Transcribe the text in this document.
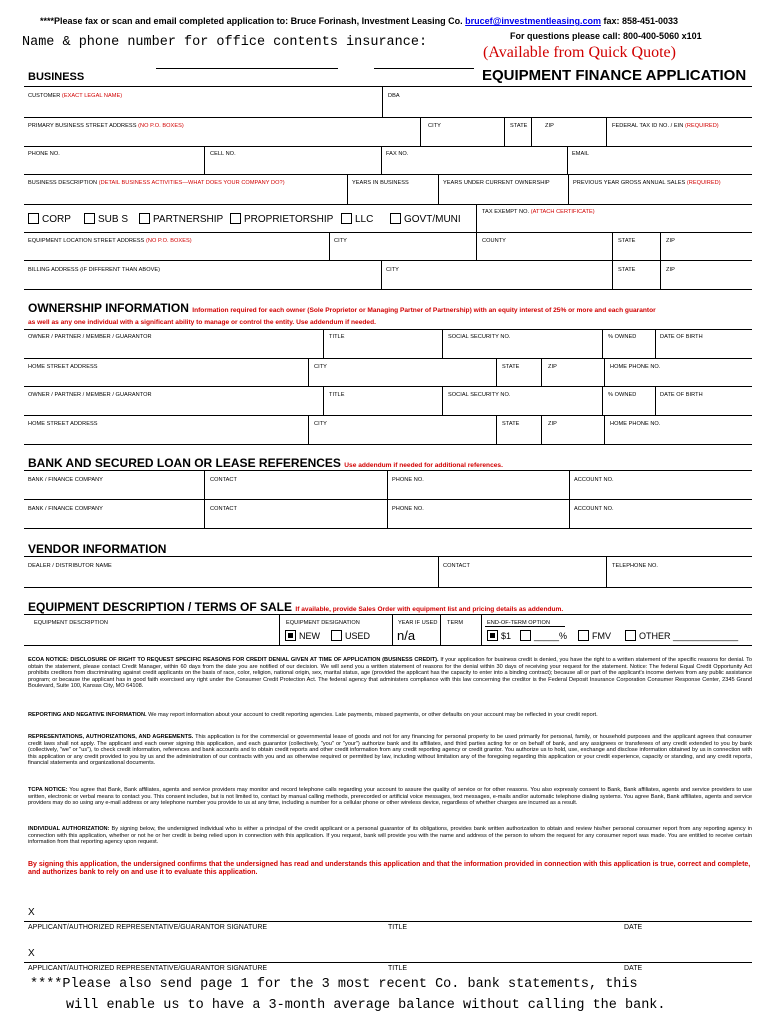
****Please fax or scan and email completed application to: Bruce Forinash, Investment Leasing Co. brucef@investmentleasing.com fax: 858-451-0033
Name & phone number for office contents insurance:	For questions please call: 800-400-5060 x101
(Available from Quick Quote)
BUSINESS	EQUIPMENT FINANCE APPLICATION
CUSTOMER (EXACT LEGAL NAME)	DBA
PRIMARY BUSINESS STREET ADDRESS (NO P.O. BOXES)	CITY	STATE	ZIP	FEDERAL TAX ID NO. / EIN (REQUIRED)
PHONE NO.	CELL NO.	FAX NO.	EMAIL
BUSINESS DESCRIPTION (DETAIL BUSINESS ACTIVITIES—WHAT DOES YOUR COMPANY DO?)	YEARS IN BUSINESS	YEARS UNDER CURRENT OWNERSHIP	PREVIOUS YEAR GROSS ANNUAL SALES (REQUIRED)
TAX EXEMPT NO. (ATTACH CERTIFICATE)
CORP	SUB S	PARTNERSHIP	PROPRIETORSHIP	LLC	GOVT/MUNI
EQUIPMENT LOCATION STREET ADDRESS (NO P.O. BOXES)	CITY	COUNTY	STATE	ZIP
BILLING ADDRESS (IF DIFFERENT THAN ABOVE)	CITY	STATE	ZIP
OWNERSHIP INFORMATION Information required for each owner (Sole Proprietor or Managing Partner of Partnership) with an equity interest of 25% or more and each guarantor
as well as any one individual with a significant ability to manage or control the entity. Use addendum if needed.
OWNER / PARTNER / MEMBER / GUARANTOR	TITLE	SOCIAL SECURITY NO.	% OWNED	DATE OF BIRTH
HOME STREET ADDRESS	CITY	STATE	ZIP	HOME PHONE NO.
OWNER / PARTNER / MEMBER / GUARANTOR	TITLE	SOCIAL SECURITY NO.	% OWNED	DATE OF BIRTH
HOME STREET ADDRESS	CITY	STATE	ZIP	HOME PHONE NO.
BANK AND SECURED LOAN OR LEASE REFERENCES Use addendum if needed for additional references.
BANK / FINANCE COMPANY	CONTACT	PHONE NO.	ACCOUNT NO.
BANK / FINANCE COMPANY	CONTACT	PHONE NO.	ACCOUNT NO.
VENDOR INFORMATION
DEALER / DISTRIBUTOR NAME	CONTACT	TELEPHONE NO.
EQUIPMENT DESCRIPTION / TERMS OF SALE If available, provide Sales Order with equipment list and pricing details as addendum.
EQUIPMENT DESCRIPTION	EQUIPMENT DESIGNATION	YEAR IF USED TERM	END-OF-TERM OPTION
NEW	USED n/a	$1	_____%	FMV	OTHER _____________
ECOA NOTICE: DISCLOSURE OF RIGHT TO REQUEST SPECIFIC REASONS FOR CREDIT DENIAL GIVEN AT TIME OF APPLICATION (BUSINESS CREDIT). If your application for business credit is denied, you have the right to a written statement of the specific reasons for denial. To obtain the statement, please contact Credit Manager, within 60 days from the date you are notified of our decision. We will send you a written statement of reasons for the denial within 30 days of receiving your request for the statement. Notice: The federal Equal Credit Opportunity Act prohibits creditors from discriminating against credit applicants on the basis of race, color, religion, national origin, sex, marital status, age (provided the applicant has the capacity to enter into a binding contract); because all or part of the applicant's income derives from any public assistance program; or because the applicant has in good faith exercised any right under the Consumer Credit Protection Act. The federal agency that administers compliance with this law concerning the creditor is the Federal Deposit Insurance Corporation Consumer Response Center, 2345 Grand Boulevard, Suite 100, Kansas City, MO 64108.
REPORTING AND NEGATIVE INFORMATION. We may report information about your account to credit reporting agencies. Late payments, missed payments, or other defaults on your account may be reflected in your credit report.
REPRESENTATIONS, AUTHORIZATIONS, AND AGREEMENTS. This application is for the commercial or governmental lease of goods and not for any financing for personal property to be used primarily for personal, family, or household purposes and the applicant agrees that consumer credit laws shall not apply. The applicant and each owner signing this application, and each guarantor (collectively, "you" or "your") authorize bank and its affiliates, and third parties acting for or on behalf of bank, and any assignees or transferees of any credit extended to you by bank (collectively, "we" or "us"), to check credit information, references and bank accounts and to obtain credit reports and other credit information from any credit reporting agency or credit grantor. You authorize us to hold, use, exchange and disclose information obtained by us in connection with this application or any credit provided to you by us and the administration of our contracts with you and as otherwise required or permitted by law, including without limitation any of the foregoing regarding this application or your credit experience, capacity or standing, and any credit reports, financial statements and organizational documents.
TCPA NOTICE: You agree that Bank, Bank affiliates, agents and service providers may monitor and record telephone calls regarding your account to assure the quality of service or for other reasons. You also expressly consent to Bank, Bank affiliates, agents and service providers to use written, electronic or verbal means to contact you. This consent includes, but is not limited to, contact by manual calling methods, prerecorded or artificial voice messages, text messages, e-mails and/or automatic telephone dialing systems. You agree Bank, Bank affiliates, agents and service providers may do so using any e-mail address or any telephone number you provide to us at any time, including a number for a cellular phone or other wireless device, regardless of whether charges are incurred as a result.
INDIVIDUAL AUTHORIZATION: By signing below, the undersigned individual who is either a principal of the credit applicant or a personal guarantor of its obligations, provides bank written authorization to obtain and review his/her personal consumer report from any reporting agency in connection with this application, whether or not he or her credit is being relied upon in connection with this application. If you request, bank will provide you with the name and address of the person to whom the request for any consumer report was made. You are entitled to receive certain information from that reporting agency upon request.
By signing this application, the undersigned confirms that the undersigned has read and understands this application and that the information provided in connection with this application is true, correct and complete, and authorizes bank to rely on and use it to evaluate this application.
X
APPLICANT/AUTHORIZED REPRESENTATIVE/GUARANTOR SIGNATURE	TITLE	DATE
X
APPLICANT/AUTHORIZED REPRESENTATIVE/GUARANTOR SIGNATURE	TITLE	DATE
****Please also send page 1 for the 3 most recent Co. bank statements, this
will enable us to have a 3-month average balance without calling the bank.
